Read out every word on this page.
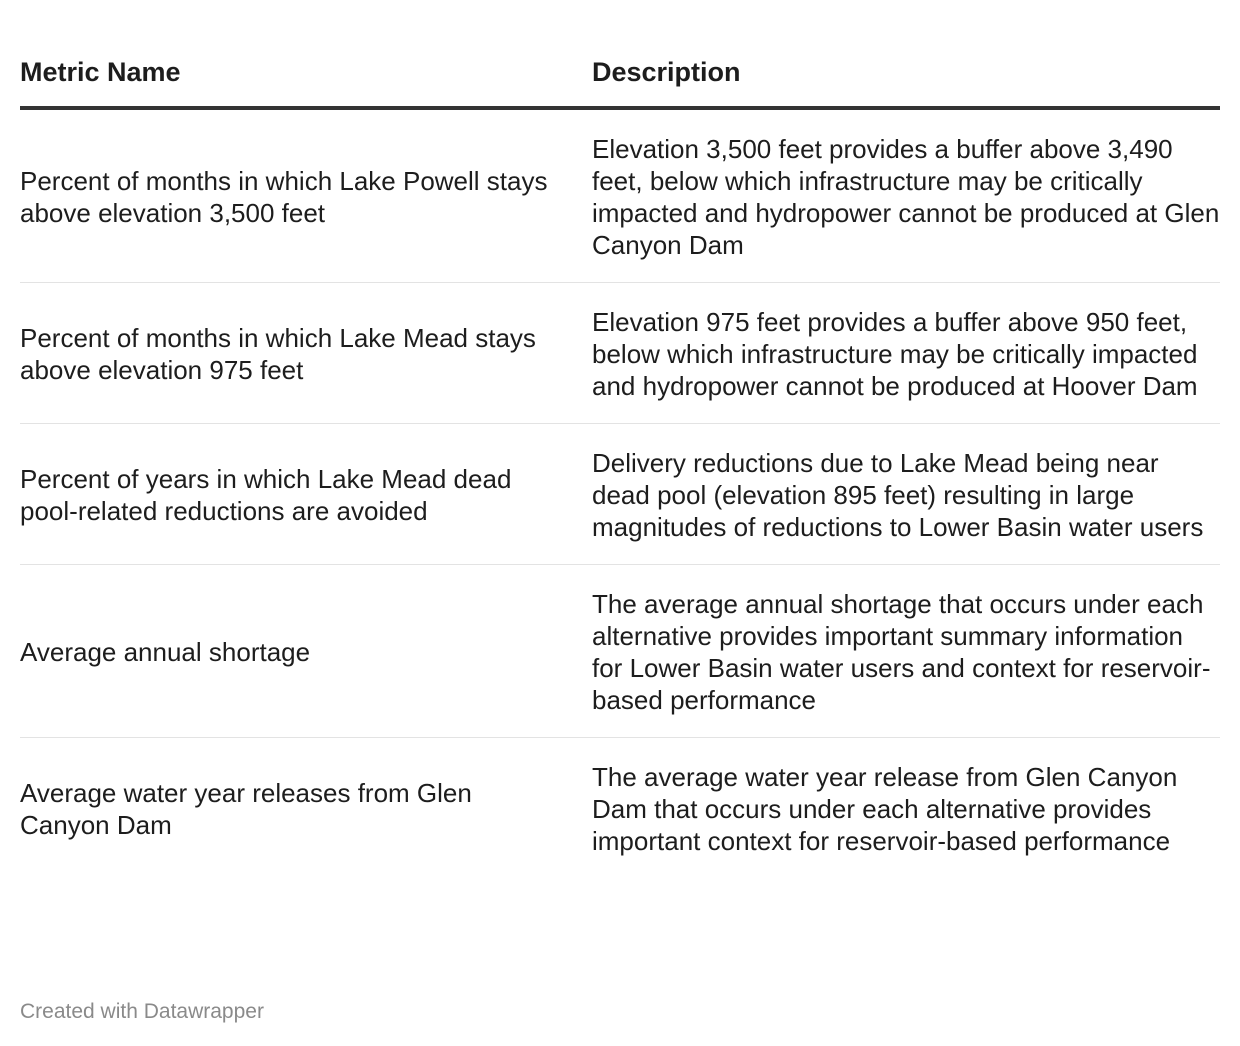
Metric Name	Description
Percent of months in which Lake Powell stays above elevation 3,500 feet	Elevation 3,500 feet provides a buffer above 3,490 feet, below which infrastructure may be critically impacted and hydropower cannot be produced at Glen Canyon Dam
Percent of months in which Lake Mead stays above elevation 975 feet	Elevation 975 feet provides a buffer above 950 feet, below which infrastructure may be critically impacted and hydropower cannot be produced at Hoover Dam
Percent of years in which Lake Mead dead pool-related reductions are avoided	Delivery reductions due to Lake Mead being near dead pool (elevation 895 feet) resulting in large magnitudes of reductions to Lower Basin water users
Average annual shortage	The average annual shortage that occurs under each alternative provides important summary information for Lower Basin water users and context for reservoir-based performance
Average water year releases from Glen Canyon Dam	The average water year release from Glen Canyon Dam that occurs under each alternative provides important context for reservoir-based performance
Created with Datawrapper
